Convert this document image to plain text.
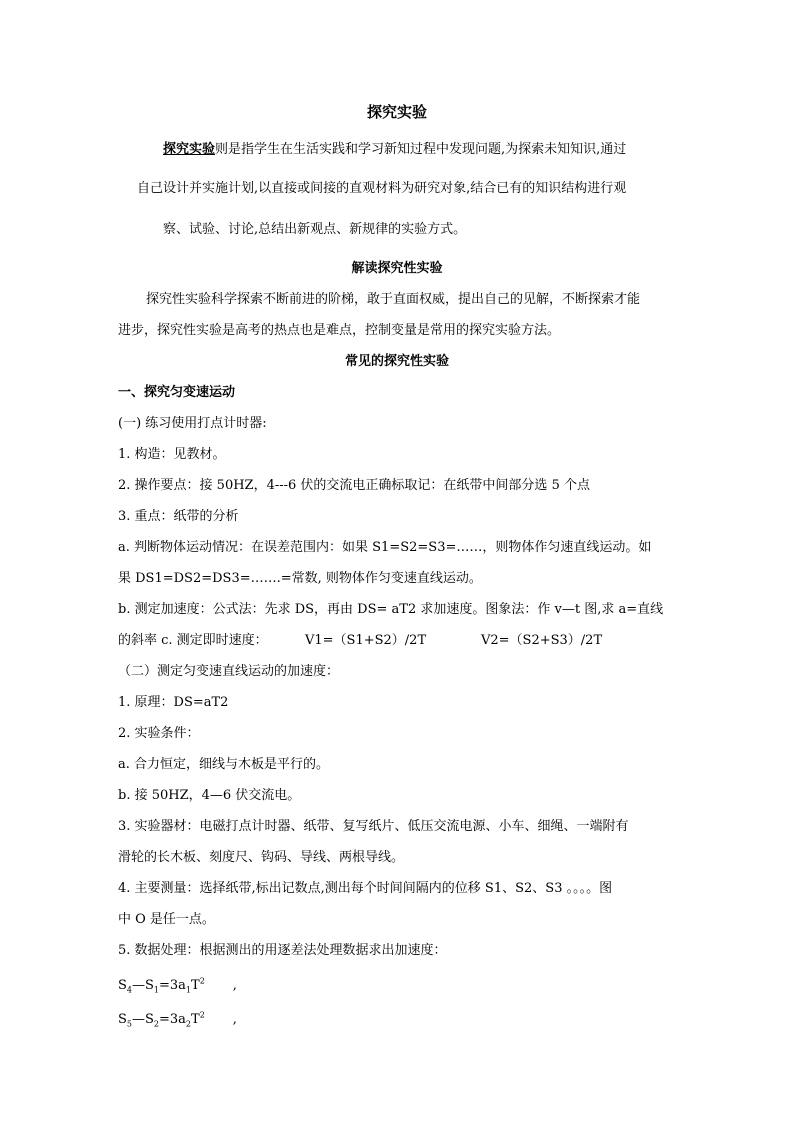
探究实验

探究实验则是指学生在生活实践和学习新知过程中发现问题,为探索未知知识,通过

自己设计并实施计划,以直接或间接的直观材料为研究对象,结合已有的知识结构进行观

察、试验、讨论,总结出新观点、新规律的实验方式。

解读探究性实验

探究性实验科学探索不断前进的阶梯，敢于直面权威，提出自己的见解，不断探索才能

进步，探究性实验是高考的热点也是难点，控制变量是常用的探究实验方法。

常见的探究性实验

一、探究匀变速运动

(一) 练习使用打点计时器:

1. 构造：见教材。

2. 操作要点：接 50HZ，4---6 伏的交流电正确标取记：在纸带中间部分选 5 个点

3. 重点：纸带的分析

a. 判断物体运动情况：在误差范围内：如果 S1=S2=S3=……，则物体作匀速直线运动。如

果 DS1=DS2=DS3=…….=常数, 则物体作匀变速直线运动。

b. 测定加速度：公式法：先求 DS，再由 DS= aT2 求加速度。图象法：作 v—t 图,求 a=直线

的斜率 c. 测定即时速度：	V1=（S1+S2）/2T	V2=（S2+S3）/2T

（二）测定匀变速直线运动的加速度：

1. 原理：DS=aT2

2. 实验条件：

a. 合力恒定，细线与木板是平行的。

b. 接 50HZ，4—6 伏交流电。

3. 实验器材：电磁打点计时器、纸带、复写纸片、低压交流电源、小车、细绳、一端附有

滑轮的长木板、刻度尺、钩码、导线、两根导线。

4. 主要测量：选择纸带,标出记数点,测出每个时间间隔内的位移 S1、S2、S3 。。。。图

中 O 是任一点。

5. 数据处理：根据测出的用逐差法处理数据求出加速度：

$S_4—S_1=3a_1T^2$ ,

$S_5—S_2=3a_2T^2$ ,
